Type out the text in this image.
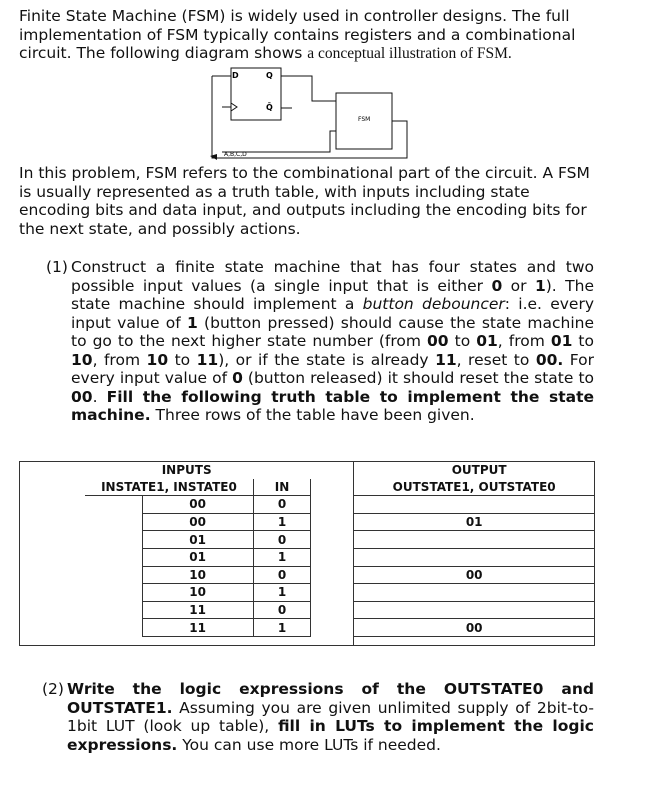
Finite State Machine (FSM) is widely used in controller designs. The full implementation of FSM typically contains registers and a combinational circuit. The following diagram shows a conceptual illustration of FSM.

D	Q
Q̄
FSM
A,B,C,D

In this problem, FSM refers to the combinational part of the circuit. A FSM is usually represented as a truth table, with inputs including state encoding bits and data input, and outputs including the encoding bits for the next state, and possibly actions.

(1) Construct a finite state machine that has four states and two possible input values (a single input that is either 0 or 1). The state machine should implement a button debouncer: i.e. every input value of 1 (button pressed) should cause the state machine to go to the next higher state number (from 00 to 01, from 01 to 10, from 10 to 11), or if the state is already 11, reset to 00. For every input value of 0 (button released) it should reset the state to 00. Fill the following truth table to implement the state machine. Three rows of the table have been given.
INPUTS					OUTPUT
	INSTATE1, INSTATE0		IN		OUTSTATE1, OUTSTATE0
		00	0		
		00	1		01
		01	0		
		01	1		
		10	0		00
		10	1		
		11	0		
		11	1		00

(2) Write the logic expressions of the OUTSTATE0 and OUTSTATE1. Assuming you are given unlimited supply of 2bit-to-1bit LUT (look up table), fill in LUTs to implement the logic expressions. You can use more LUTs if needed.
